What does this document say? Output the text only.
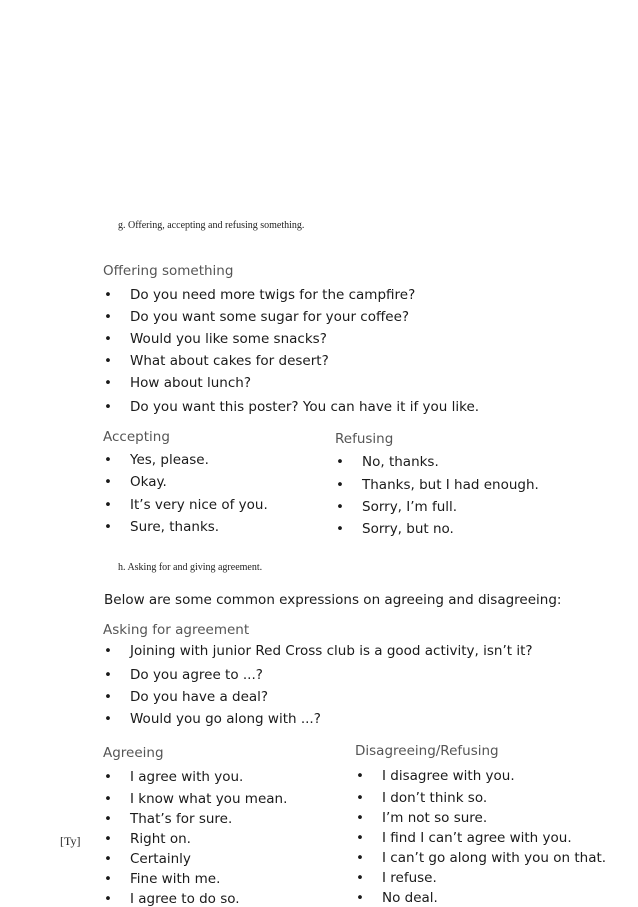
g. Offering, accepting and refusing something.
Offering something
• Do you need more twigs for the campfire?
• Do you want some sugar for your coffee?
• Would you like some snacks?
• What about cakes for desert?
• How about lunch?
• Do you want this poster? You can have it if you like.
Accepting
• Yes, please.
• Okay.
• It’s very nice of you.
• Sure, thanks.
Refusing
• No, thanks.
• Thanks, but I had enough.
• Sorry, I’m full.
• Sorry, but no.
h. Asking for and giving agreement.
Below are some common expressions on agreeing and disagreeing:
Asking for agreement
• Joining with junior Red Cross club is a good activity, isn’t it?
• Do you agree to ...?
• Do you have a deal?
• Would you go along with ...?
Agreeing
• I agree with you.
• I know what you mean.
• That’s for sure.
• Right on.
• Certainly
• Fine with me.
• I agree to do so.
Disagreeing/Refusing
• I disagree with you.
• I don’t think so.
• I’m not so sure.
• I find I can’t agree with you.
• I can’t go along with you on that.
• I refuse.
• No deal.
[Ty]
